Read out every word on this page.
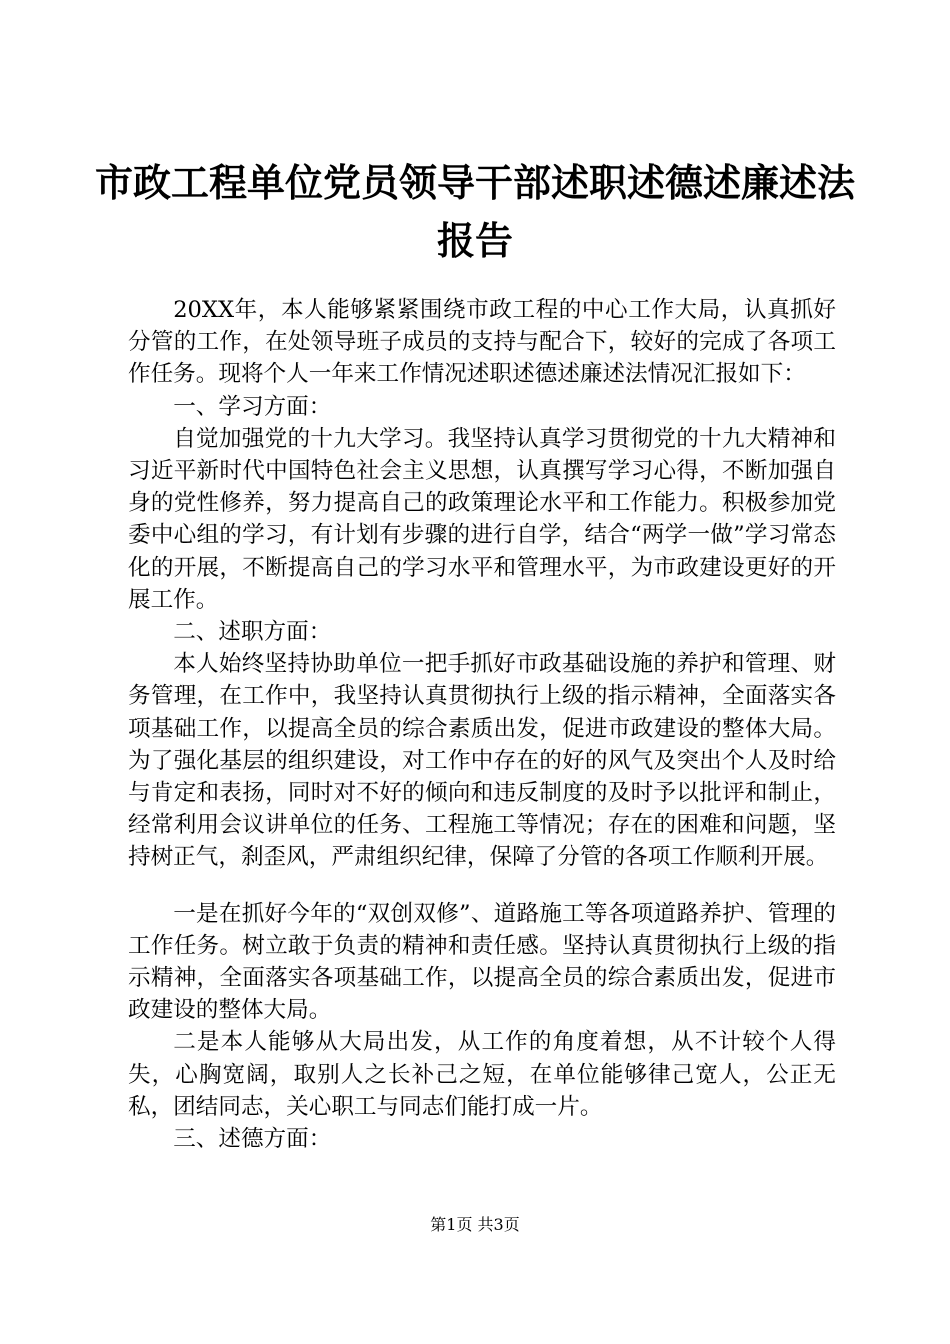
市政工程单位党员领导干部述职述德述廉述法
报告

20XX年，本人能够紧紧围绕市政工程的中心工作大局，认真抓好分管的工作，在处领导班子成员的支持与配合下，较好的完成了各项工作任务。现将个人一年来工作情况述职述德述廉述法情况汇报如下：

一、学习方面：

自觉加强党的十九大学习。我坚持认真学习贯彻党的十九大精神和习近平新时代中国特色社会主义思想，认真撰写学习心得，不断加强自身的党性修养，努力提高自己的政策理论水平和工作能力。积极参加党委中心组的学习，有计划有步骤的进行自学，结合“两学一做”学习常态化的开展，不断提高自己的学习水平和管理水平，为市政建设更好的开展工作。

二、述职方面：

本人始终坚持协助单位一把手抓好市政基础设施的养护和管理、财务管理，在工作中，我坚持认真贯彻执行上级的指示精神，全面落实各项基础工作，以提高全员的综合素质出发，促进市政建设的整体大局。为了强化基层的组织建设，对工作中存在的好的风气及突出个人及时给与肯定和表扬，同时对不好的倾向和违反制度的及时予以批评和制止，经常利用会议讲单位的任务、工程施工等情况；存在的困难和问题，坚持树正气，刹歪风，严肃组织纪律，保障了分管的各项工作顺利开展。

一是在抓好今年的“双创双修”、道路施工等各项道路养护、管理的工作任务。树立敢于负责的精神和责任感。坚持认真贯彻执行上级的指示精神，全面落实各项基础工作，以提高全员的综合素质出发，促进市政建设的整体大局。

二是本人能够从大局出发，从工作的角度着想，从不计较个人得失，心胸宽阔，取别人之长补己之短，在单位能够律己宽人，公正无私，团结同志，关心职工与同志们能打成一片。

三、述德方面：

第1页 共3页
